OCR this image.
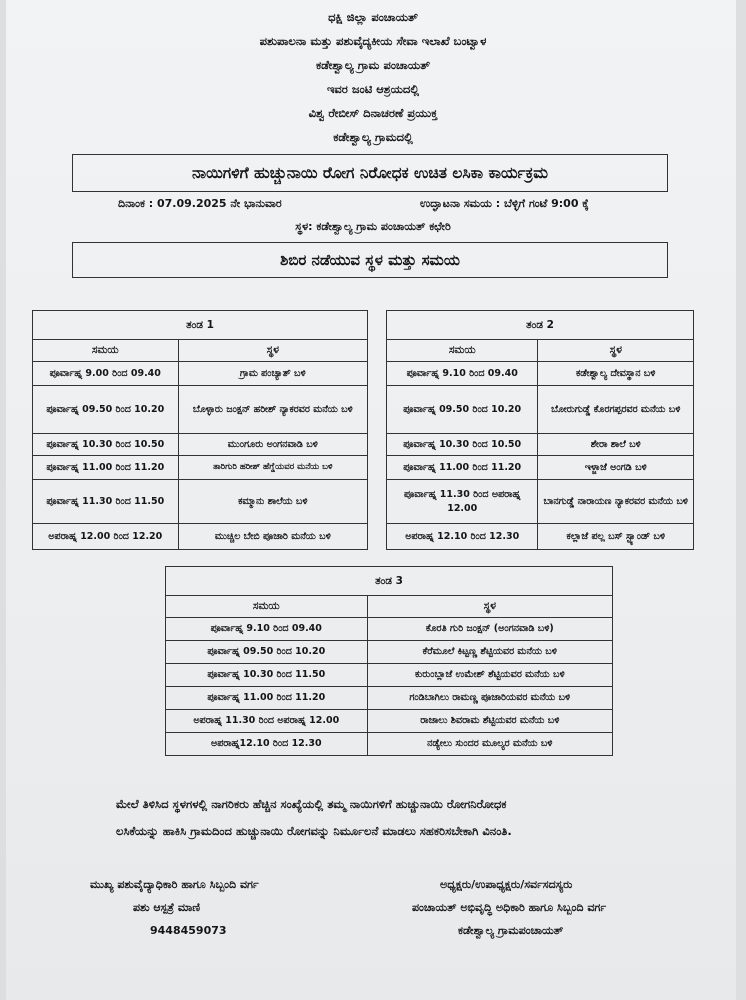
ಧಕ್ಷಿ ಜಿಲ್ಲಾ ಪಂಚಾಯತ್
ಪಶುಪಾಲನಾ ಮತ್ತು ಪಶುವೈದ್ಯಕೀಯ ಸೇವಾ ಇಲಾಖೆ ಬಂಟ್ವಾಳ
ಕಡೇಶ್ವಾಲ್ಯ ಗ್ರಾಮ ಪಂಚಾಯತ್
ಇವರ ಜಂಟಿ ಆಶ್ರಯದಲ್ಲಿ
ವಿಶ್ವ ರೇಬೀಸ್ ದಿನಾಚರಣೆ ಪ್ರಯುಕ್ತ
ಕಡೇಶ್ವಾಲ್ಯ ಗ್ರಾಮದಲ್ಲಿ
ನಾಯಿಗಳಿಗೆ ಹುಚ್ಚುನಾಯಿ ರೋಗ ನಿರೋಧಕ ಉಚಿತ ಲಸಿಕಾ ಕಾರ್ಯಕ್ರಮ
ದಿನಾಂಕ : 07.09.2025 ನೇ ಭಾನುವಾರ	ಉದ್ಘಾಟನಾ ಸಮಯ : ಬೆಳ್ಳಿಗೆ ಗಂಟೆ 9:00 ಕ್ಕೆ
ಸ್ಥಳ: ಕಡೇಶ್ವಾಲ್ಯ ಗ್ರಾಮ ಪಂಚಾಯತ್ ಕಛೇರಿ
ಶಿಬಿರ ನಡೆಯುವ ಸ್ಥಳ ಮತ್ತು ಸಮಯ
ತಂಡ 1	
ಸಮಯ	ಸ್ಥಳ
ಪೂರ್ವಾಹ್ನ 9.00 ರಿಂದ 09.40	ಗ್ರಾಮ ಪಂಚ್ಯಾತ್ ಬಳಿ
ಪೂರ್ವಾಹ್ನ 09.50 ರಿಂದ 10.20	ಬೊಳ್ಳಾರು ಜಂಕ್ಷನ್ ಹರೀಶ್ ನ್ಯಾಕರವರ ಮನೆಯ ಬಳಿ
ಪೂರ್ವಾಹ್ನ 10.30 ರಿಂದ 10.50	ಮುಂಗೂರು ಅಂಗನವಾಡಿ ಬಳಿ
ಪೂರ್ವಾಹ್ನ 11.00 ರಿಂದ 11.20	ತಾರಿಗುರಿ ಹರೀಶ್ ಹೆಗ್ಡೆಯವರ ಮನೆಯ ಬಳಿ
ಪೂರ್ವಾಹ್ನ 11.30 ರಿಂದ 11.50	ಕಮ್ಮಾನು ಶಾಲೆಯ ಬಳಿ
ಅಪರಾಹ್ನ 12.00 ರಿಂದ 12.20	ಮುಚ್ಚಿಲ ಬೇಬಿ ಪೂಜಾರಿ ಮನೆಯ ಬಳಿ
ತಂಡ 2	
ಸಮಯ	ಸ್ಥಳ
ಪೂರ್ವಾಹ್ನ 9.10 ರಿಂದ 09.40	ಕಡೇಶ್ವಾಲ್ಯ ದೇವಸ್ಥಾನ ಬಳಿ
ಪೂರ್ವಾಹ್ನ 09.50 ರಿಂದ 10.20	ಬೋರುಗುಡ್ಡೆ ಕೊರಗಪ್ಪರವರ ಮನೆಯ ಬಳಿ
ಪೂರ್ವಾಹ್ನ 10.30 ರಿಂದ 10.50	ಶೇರಾ ಶಾಲೆ ಬಳಿ
ಪೂರ್ವಾಹ್ನ 11.00 ರಿಂದ 11.20	ಇಳ್ಜಾಜೆ ಅಂಗಡಿ ಬಳಿ
ಪೂರ್ವಾಹ್ನ 11.30 ರಿಂದ ಅಪರಾಹ್ನ 12.00	ಬಾನಗುಡ್ಡೆ ನಾರಾಯಣ ನ್ಯಾಕರವರ ಮನೆಯ ಬಳಿ
ಅಪರಾಹ್ನ 12.10 ರಿಂದ 12.30	ಕಲ್ಲಾಜೆ ಪಲ್ಲ ಬಸ್ ಸ್ಟ್ಯಾಂಡ್ ಬಳಿ
ತಂಡ 3	
ಸಮಯ	ಸ್ಥಳ
ಪೂರ್ವಾಹ್ನ 9.10 ರಿಂದ 09.40	ಕೊರತಿ ಗುರಿ ಜಂಕ್ಷನ್ (ಅಂಗನವಾಡಿ ಬಳಿ)
ಪೂರ್ವಾಹ್ನ 09.50 ರಿಂದ 10.20	ಕೆರೆಮೂಲೆ ಕಿಟ್ಟಣ್ಣ ಶೆಟ್ಟಿಯವರ ಮನೆಯ ಬಳಿ
ಪೂರ್ವಾಹ್ನ 10.30 ರಿಂದ 11.50	ಕುರುಂಬ್ಲಾಜೆ ಉಮೇಶ್ ಶೆಟ್ಟಿಯವರ ಮನೆಯ ಬಳಿ
ಪೂರ್ವಾಹ್ನ 11.00 ರಿಂದ 11.20	ಗಂಡಿಬಾಗಿಲು ರಾಮಣ್ಣ ಪೂಜಾರಿಯವರ ಮನೆಯ ಬಳಿ
ಅಪರಾಹ್ನ 11.30 ರಿಂದ ಅಪರಾಹ್ನ 12.00	ರಾಜಾಲು ಶಿವರಾಮ ಶೆಟ್ಟಿಯವರ ಮನೆಯ ಬಳಿ
ಅಪರಾಹ್ನ12.10 ರಿಂದ 12.30	ನಡ್ಯೇಲು ಸುಂದರ ಮೂಲ್ಯರ ಮನೆಯ ಬಳಿ
ಮೇಲೆ ತಿಳಿಸಿದ ಸ್ಥಳಗಳಲ್ಲಿ ನಾಗರಿಕರು ಹೆಚ್ಚಿನ ಸಂಖ್ಯೆಯಲ್ಲಿ ತಮ್ಮ ನಾಯಿಗಳಿಗೆ ಹುಚ್ಚುನಾಯಿ ರೋಗನಿರೋಧಕ
ಲಸಿಕೆಯನ್ನು ಹಾಕಿಸಿ ಗ್ರಾಮದಿಂದ ಹುಚ್ಚುನಾಯಿ ರೋಗವನ್ನು ನಿರ್ಮೂಲನೆ ಮಾಡಲು ಸಹಕರಿಸಬೇಕಾಗಿ ವಿನಂತಿ.
ಮುಖ್ಯ ಪಶುವೈದ್ಯಾಧಿಕಾರಿ ಹಾಗೂ ಸಿಬ್ಬಂದಿ ವರ್ಗ
ಪಶು ಆಸ್ಪತ್ರೆ ಮಾಣಿ
9448459073
ಅಧ್ಯಕ್ಷರು/ಉಪಾಧ್ಯಕ್ಷರು/ಸರ್ವಸದಸ್ಯರು
ಪಂಚಾಯತ್ ಅಭಿವೃದ್ಧಿ ಅಧಿಕಾರಿ ಹಾಗೂ ಸಿಬ್ಬಂದಿ ವರ್ಗ
ಕಡೇಶ್ವಾಲ್ಯ ಗ್ರಾಮಪಂಚಾಯತ್
